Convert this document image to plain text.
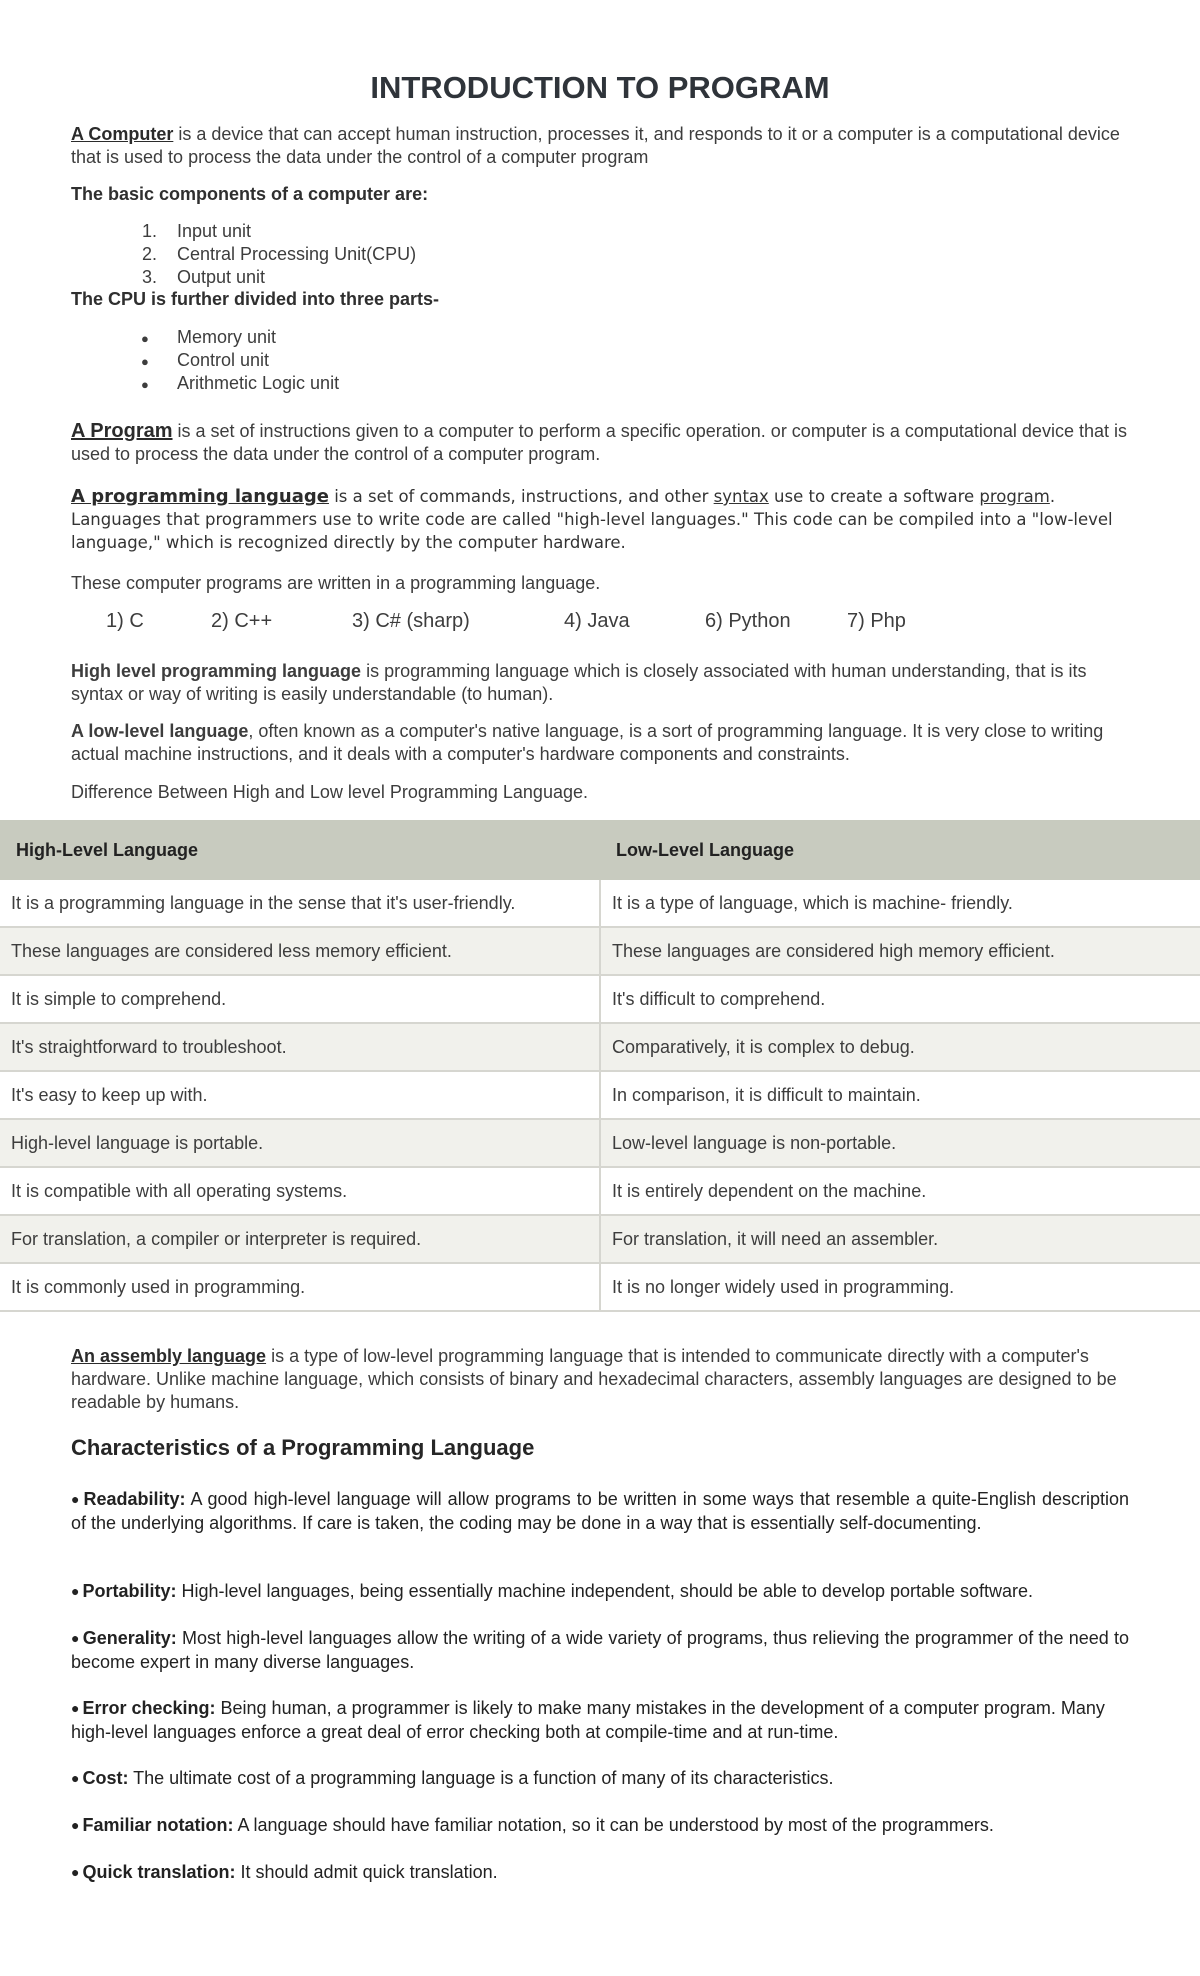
INTRODUCTION TO PROGRAM

A Computer is a device that can accept human instruction, processes it, and responds to it or a computer is a computational device that is used to process the data under the control of a computer program

The basic components of a computer are:

1.	Input unit
2.	Central Processing Unit(CPU)
3.	Output unit

The CPU is further divided into three parts-

● Memory unit
● Control unit
● Arithmetic Logic unit

A Program is a set of instructions given to a computer to perform a specific operation. or computer is a computational device that is used to process the data under the control of a computer program.

A programming language is a set of commands, instructions, and other syntax use to create a software program. Languages that programmers use to write code are called "high-level languages." This code can be compiled into a "low-level language," which is recognized directly by the computer hardware.

These computer programs are written in a programming language.

1) C	2) C++	3) C# (sharp)	4) Java	6) Python	7) Php

High level programming language is programming language which is closely associated with human understanding, that is its syntax or way of writing is easily understandable (to human).

A low-level language, often known as a computer's native language, is a sort of programming language. It is very close to writing actual machine instructions, and it deals with a computer's hardware components and constraints.

Difference Between High and Low level Programming Language.

High-Level Language	Low-Level Language
It is a programming language in the sense that it's user-friendly.	It is a type of language, which is machine- friendly.
These languages are considered less memory efficient.	These languages are considered high memory efficient.
It is simple to comprehend.	It's difficult to comprehend.
It's straightforward to troubleshoot.	Comparatively, it is complex to debug.
It's easy to keep up with.	In comparison, it is difficult to maintain.
High-level language is portable.	Low-level language is non-portable.
It is compatible with all operating systems.	It is entirely dependent on the machine.
For translation, a compiler or interpreter is required.	For translation, it will need an assembler.
It is commonly used in programming.	It is no longer widely used in programming.

An assembly language is a type of low-level programming language that is intended to communicate directly with a computer's hardware. Unlike machine language, which consists of binary and hexadecimal characters, assembly languages are designed to be readable by humans.

Characteristics of a Programming Language

● Readability: A good high-level language will allow programs to be written in some ways that resemble a quite-English description of the underlying algorithms. If care is taken, the coding may be done in a way that is essentially self-documenting.

● Portability: High-level languages, being essentially machine independent, should be able to develop portable software.

● Generality: Most high-level languages allow the writing of a wide variety of programs, thus relieving the programmer of the need to become expert in many diverse languages.

● Error checking: Being human, a programmer is likely to make many mistakes in the development of a computer program. Many high-level languages enforce a great deal of error checking both at compile-time and at run-time.

● Cost: The ultimate cost of a programming language is a function of many of its characteristics.

● Familiar notation: A language should have familiar notation, so it can be understood by most of the programmers.

● Quick translation: It should admit quick translation.
